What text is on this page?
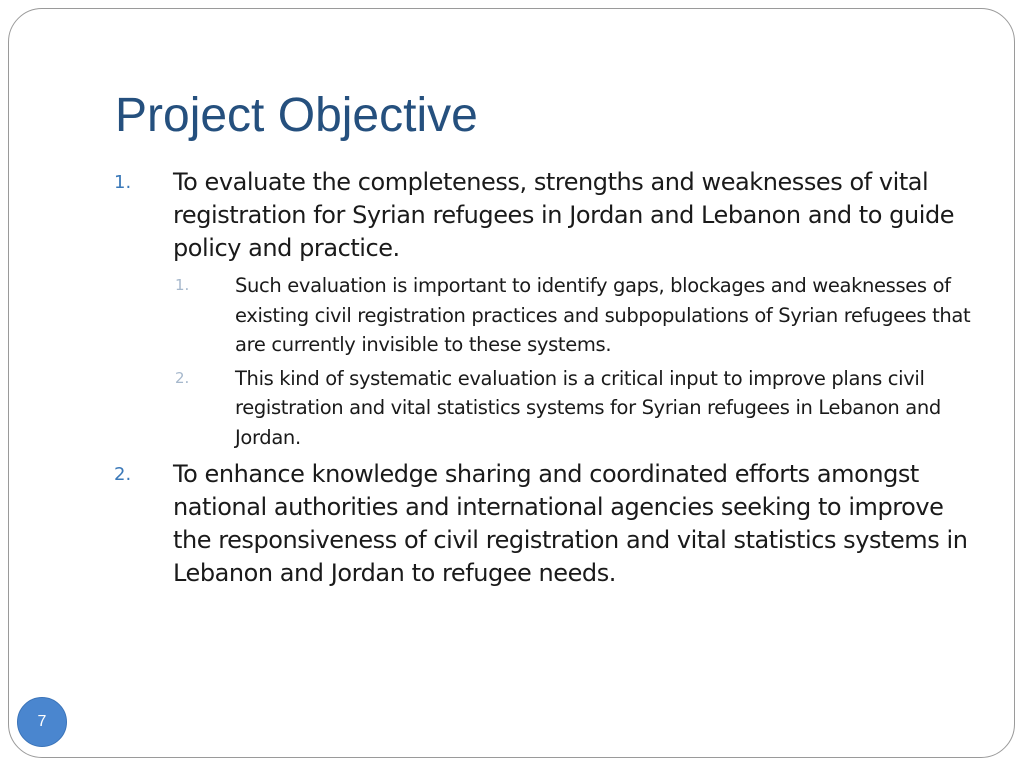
Project Objective
1.	To evaluate the completeness, strengths and weaknesses of vital registration for Syrian refugees in Jordan and Lebanon and to guide policy and practice.
1.	Such evaluation is important to identify gaps, blockages and weaknesses of existing civil registration practices and subpopulations of Syrian refugees that are currently invisible to these systems.
2.	This kind of systematic evaluation is a critical input to improve plans civil registration and vital statistics systems for Syrian refugees in Lebanon and Jordan.
2.	To enhance knowledge sharing and coordinated efforts amongst national authorities and international agencies seeking to improve the responsiveness of civil registration and vital statistics systems in Lebanon and Jordan to refugee needs.
7
